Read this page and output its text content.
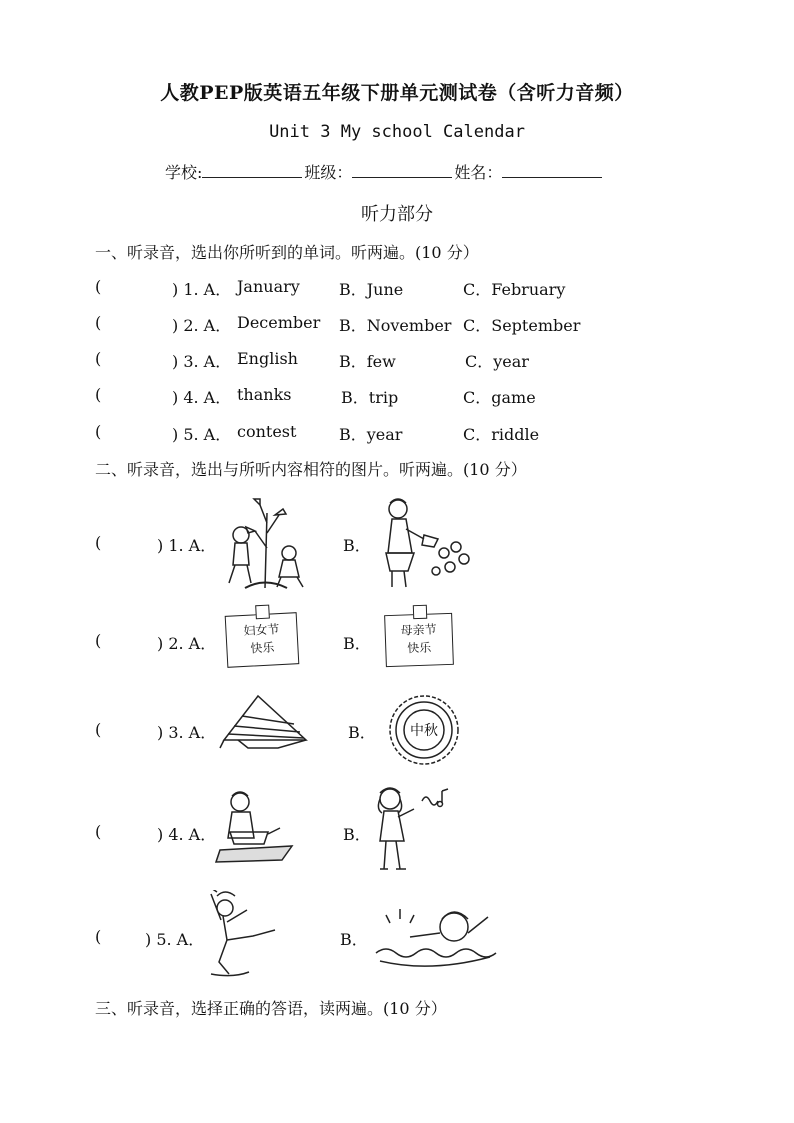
人教PEP版英语五年级下册单元测试卷（含听力音频）
Unit 3 My school Calendar
学校:	班级：	姓名：
听力部分
一、听录音，选出你所听到的单词。听两遍。(10 分）
(	) 1. A． January B．June	C．February
(	) 2. A． December B．November C．September
(	) 3. A． English	B．few	C．year
(	) 4. A． thanks	B．trip	C．game
(	) 5. A． contest	B．year	C．riddle
二、听录音，选出与所听内容相符的图片。听两遍。(10 分）
(	) 1. A．	B．
(	) 2. A．	B．
妇女节
快乐
母亲节
快乐
(	) 3. A．	B．	中秋
(	) 4. A．	B．
(	) 5. A．	B．
三、听录音，选择正确的答语，读两遍。(10 分）
